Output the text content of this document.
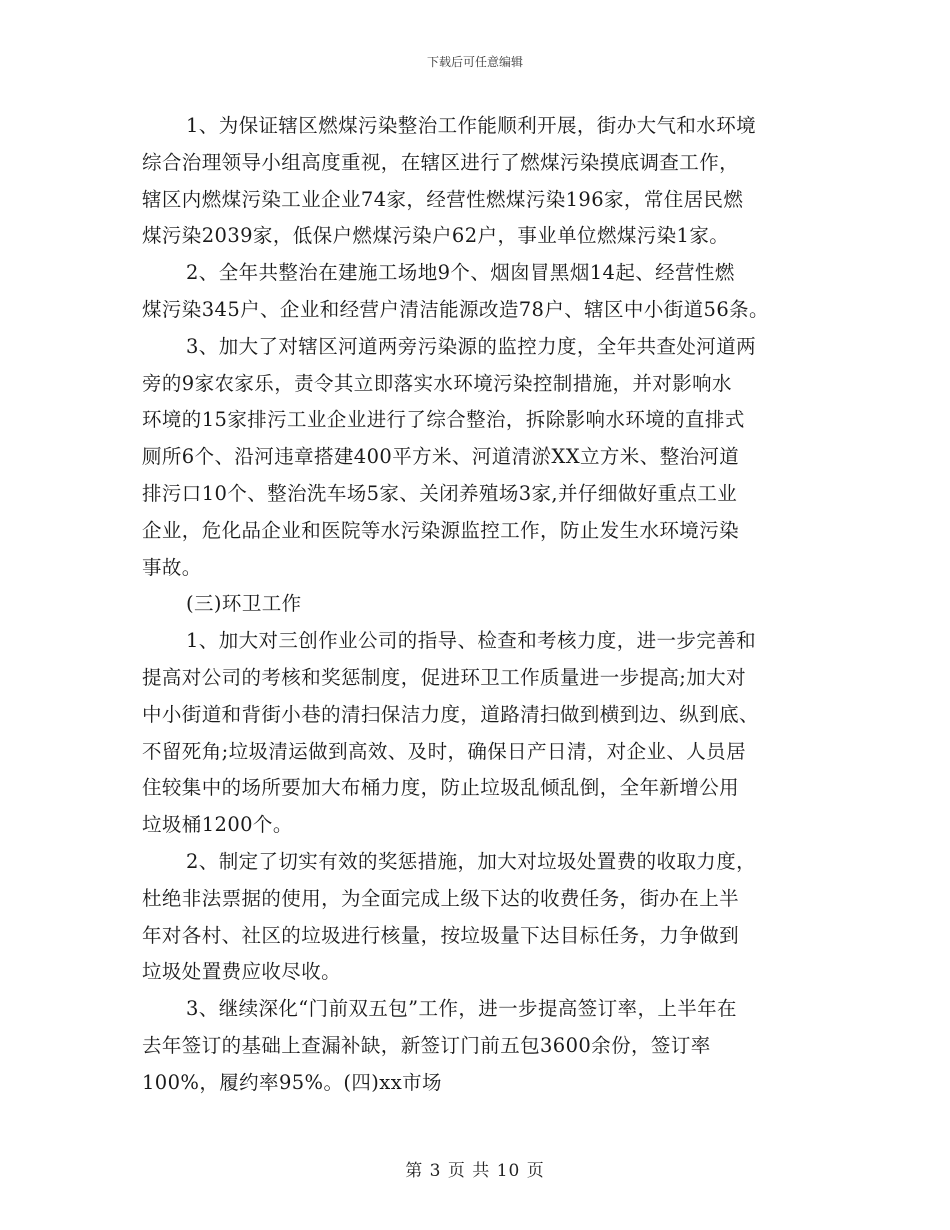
下载后可任意编辑
1、为保证辖区燃煤污染整治工作能顺利开展，街办大气和水环境
综合治理领导小组高度重视，在辖区进行了燃煤污染摸底调查工作，
辖区内燃煤污染工业企业74家，经营性燃煤污染196家，常住居民燃
煤污染2039家，低保户燃煤污染户62户，事业单位燃煤污染1家。
2、全年共整治在建施工场地9个、烟囱冒黑烟14起、经营性燃
煤污染345户、企业和经营户清洁能源改造78户、辖区中小街道56条。
3、加大了对辖区河道两旁污染源的监控力度，全年共查处河道两
旁的9家农家乐，责令其立即落实水环境污染控制措施，并对影响水
环境的15家排污工业企业进行了综合整治，拆除影响水环境的直排式
厕所6个、沿河违章搭建400平方米、河道清淤XX立方米、整治河道
排污口10个、整治洗车场5家、关闭养殖场3家,并仔细做好重点工业
企业，危化品企业和医院等水污染源监控工作，防止发生水环境污染
事故。
(三)环卫工作
1、加大对三创作业公司的指导、检查和考核力度，进一步完善和
提高对公司的考核和奖惩制度，促进环卫工作质量进一步提高;加大对
中小街道和背街小巷的清扫保洁力度，道路清扫做到横到边、纵到底、
不留死角;垃圾清运做到高效、及时，确保日产日清，对企业、人员居
住较集中的场所要加大布桶力度，防止垃圾乱倾乱倒，全年新增公用
垃圾桶1200个。
2、制定了切实有效的奖惩措施，加大对垃圾处置费的收取力度，
杜绝非法票据的使用，为全面完成上级下达的收费任务，街办在上半
年对各村、社区的垃圾进行核量，按垃圾量下达目标任务，力争做到
垃圾处置费应收尽收。
3、继续深化“门前双五包”工作，进一步提高签订率，上半年在
去年签订的基础上查漏补缺，新签订门前五包3600余份，签订率
100%，履约率95%。(四)xx市场
第 3 页 共 10 页
